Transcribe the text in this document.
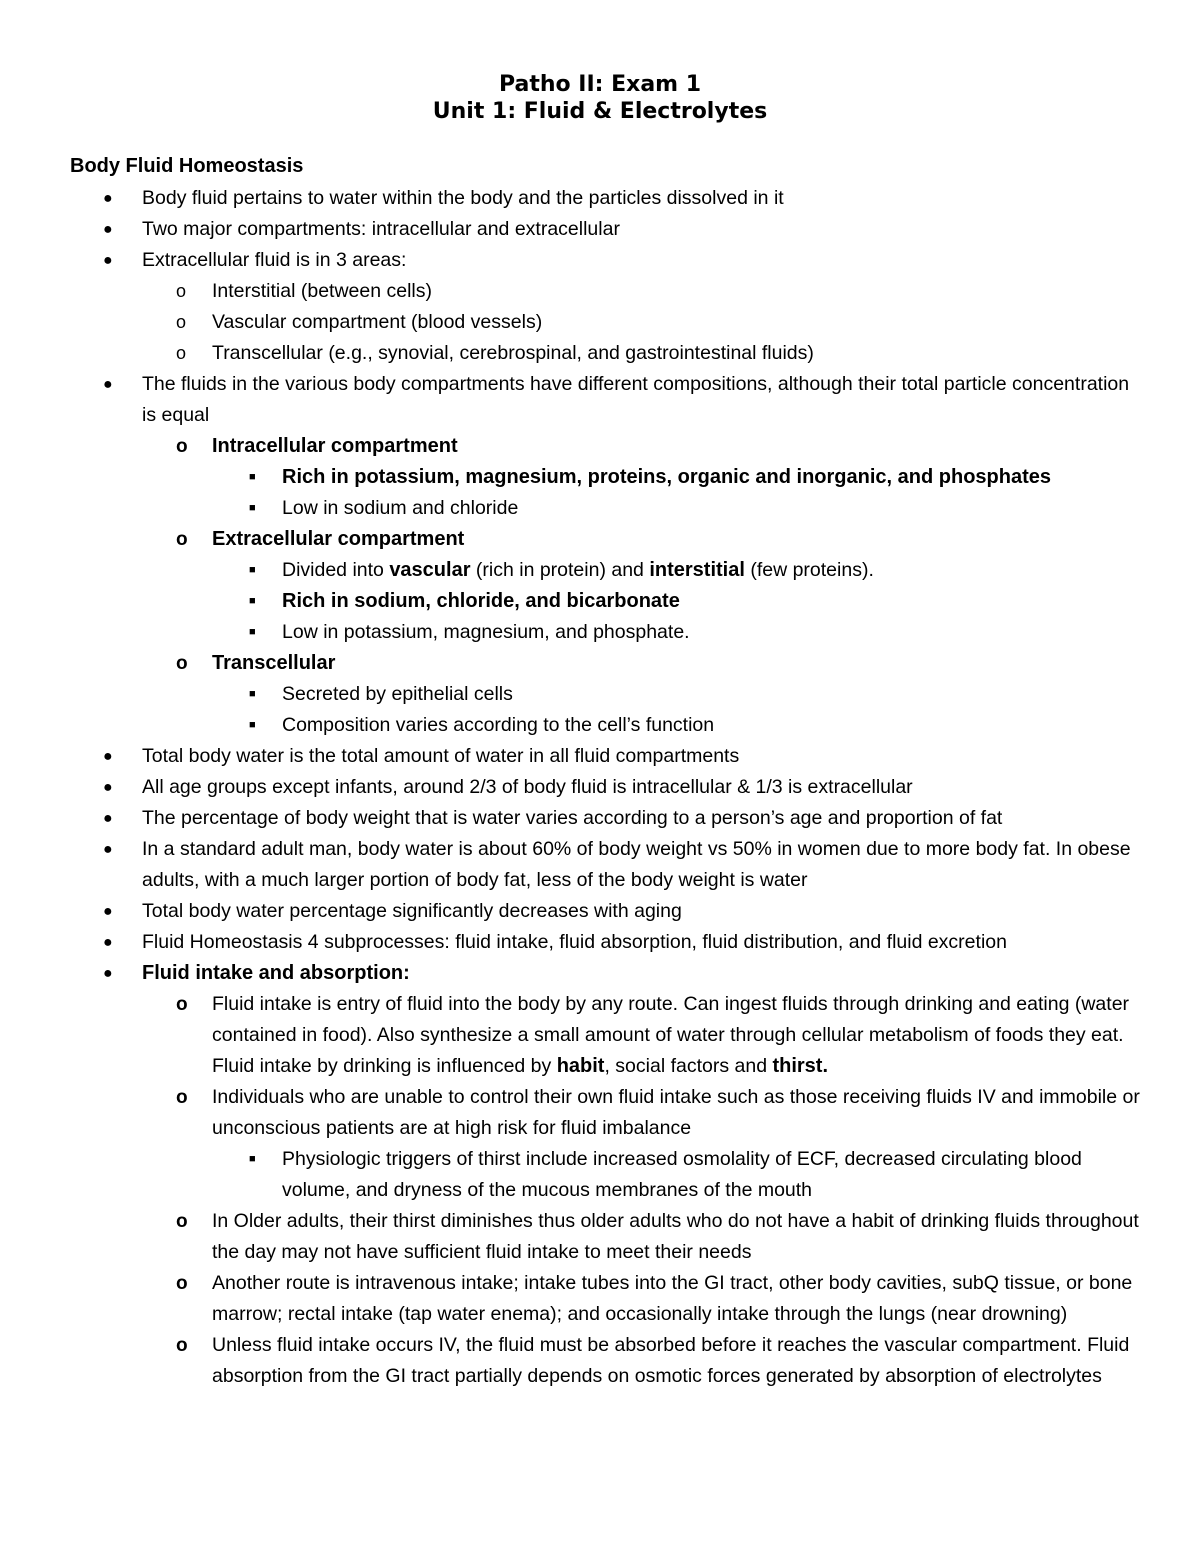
Patho II: Exam 1
Unit 1: Fluid & Electrolytes
Body Fluid Homeostasis
● Body fluid pertains to water within the body and the particles dissolved in it
● Two major compartments: intracellular and extracellular
● Extracellular fluid is in 3 areas:
o Interstitial (between cells)
o Vascular compartment (blood vessels)
o Transcellular (e.g., synovial, cerebrospinal, and gastrointestinal fluids)
● The fluids in the various body compartments have different compositions, although their total particle concentration is equal
o Intracellular compartment
■ Rich in potassium, magnesium, proteins, organic and inorganic, and phosphates
■ Low in sodium and chloride
o Extracellular compartment
■ Divided into vascular (rich in protein) and interstitial (few proteins).
■ Rich in sodium, chloride, and bicarbonate
■ Low in potassium, magnesium, and phosphate.
o Transcellular
■ Secreted by epithelial cells
■ Composition varies according to the cell’s function
● Total body water is the total amount of water in all fluid compartments
● All age groups except infants, around 2/3 of body fluid is intracellular & 1/3 is extracellular
● The percentage of body weight that is water varies according to a person’s age and proportion of fat
● In a standard adult man, body water is about 60% of body weight vs 50% in women due to more body fat. In obese adults, with a much larger portion of body fat, less of the body weight is water
● Total body water percentage significantly decreases with aging
● Fluid Homeostasis 4 subprocesses: fluid intake, fluid absorption, fluid distribution, and fluid excretion
● Fluid intake and absorption:
o Fluid intake is entry of fluid into the body by any route. Can ingest fluids through drinking and eating (water contained in food). Also synthesize a small amount of water through cellular metabolism of foods they eat. Fluid intake by drinking is influenced by habit, social factors and thirst.
o Individuals who are unable to control their own fluid intake such as those receiving fluids IV and immobile or unconscious patients are at high risk for fluid imbalance
■ Physiologic triggers of thirst include increased osmolality of ECF, decreased circulating blood volume, and dryness of the mucous membranes of the mouth
o In Older adults, their thirst diminishes thus older adults who do not have a habit of drinking fluids throughout the day may not have sufficient fluid intake to meet their needs
o Another route is intravenous intake; intake tubes into the GI tract, other body cavities, subQ tissue, or bone marrow; rectal intake (tap water enema); and occasionally intake through the lungs (near drowning)
o Unless fluid intake occurs IV, the fluid must be absorbed before it reaches the vascular compartment. Fluid absorption from the GI tract partially depends on osmotic forces generated by absorption of electrolytes
